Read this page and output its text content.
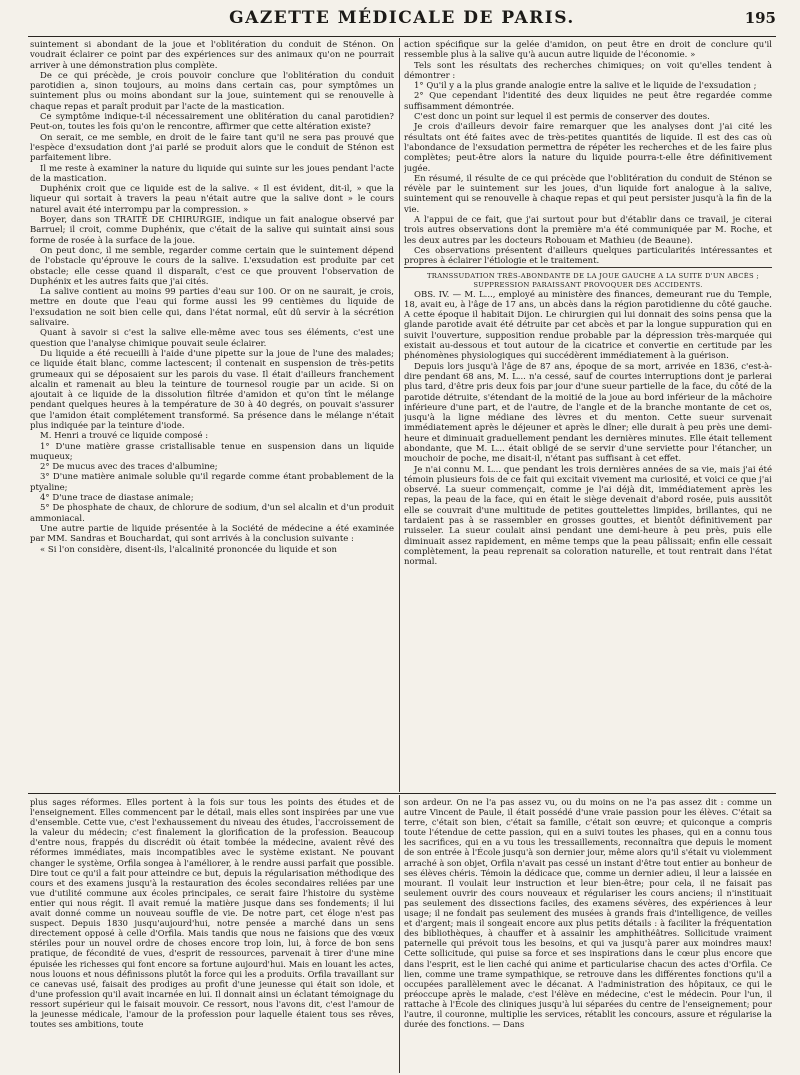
GAZETTE MÉDICALE DE PARIS.	195

suintement si abondant de la joue et l'oblitération du conduit de Sténon. On voudrait éclairer ce point par des expériences sur des animaux qu'on ne pourrait arriver à une démonstration plus complète.

De ce qui précède, je crois pouvoir conclure que l'oblitération du conduit parotidien a, sinon toujours, au moins dans certain cas, pour symptômes un suintement plus ou moins abondant sur la joue, suintement qui se renouvelle à chaque repas et paraît produit par l'acte de la mastication.

Ce symptôme indique-t-il nécessairement une oblitération du canal parotidien? Peut-on, toutes les fois qu'on le rencontre, affirmer que cette altération existe?

On serait, ce me semble, en droit de le faire tant qu'il ne sera pas prouvé que l'espèce d'exsudation dont j'ai parlé se produit alors que le conduit de Sténon est parfaitement libre.

Il me reste à examiner la nature du liquide qui suinte sur les joues pendant l'acte de la mastication.

Duphénix croit que ce liquide est de la salive. « Il est évident, dit-il, » que la liqueur qui sortait à travers la peau n'était autre que la salive dont » le cours naturel avait été interrompu par la compression. »

Boyer, dans son TRAITÉ DE CHIRURGIE, indique un fait analogue observé par Barruel; il croit, comme Duphénix, que c'était de la salive qui suintait ainsi sous forme de rosée à la surface de la joue.

On peut donc, il me semble, regarder comme certain que le suintement dépend de l'obstacle qu'éprouve le cours de la salive. L'exsudation est produite par cet obstacle; elle cesse quand il disparaît, c'est ce que prouvent l'observation de Duphénix et les autres faits que j'ai cités.

La salive contient au moins 99 parties d'eau sur 100. Or on ne saurait, je crois, mettre en doute que l'eau qui forme aussi les 99 centièmes du liquide de l'exsudation ne soit bien celle qui, dans l'état normal, eût dû servir à la sécrétion salivaire.

Quant à savoir si c'est la salive elle-même avec tous ses éléments, c'est une question que l'analyse chimique pouvait seule éclairer.

Du liquide a été recueilli à l'aide d'une pipette sur la joue de l'une des malades; ce liquide était blanc, comme lactescent; il contenait en suspension de très-petits grumeaux qui se déposaient sur les parois du vase. Il était d'ailleurs franchement alcalin et ramenait au bleu la teinture de tournesol rougie par un acide. Si on ajoutait à ce liquide de la dissolution filtrée d'amidon et qu'on tînt le mélange pendant quelques heures à la température de 30 à 40 degrés, on pouvait s'assurer que l'amidon était complétement transformé. Sa présence dans le mélange n'était plus indiquée par la teinture d'iode.

M. Henri a trouvé ce liquide composé :

1° D'une matière grasse cristallisable tenue en suspension dans un liquide muqueux;

2° De mucus avec des traces d'albumine;

3° D'une matière animale soluble qu'il regarde comme étant probablement de la ptyaline;

4° D'une trace de diastase animale;

5° De phosphate de chaux, de chlorure de sodium, d'un sel alcalin et d'un produit ammoniacal.

Une autre partie de liquide présentée à la Société de médecine a été examinée par MM. Sandras et Bouchardat, qui sont arrivés à la conclusion suivante :

« Si l'on considère, disent-ils, l'alcalinité prononcée du liquide et son

action spécifique sur la gelée d'amidon, on peut être en droit de conclure qu'il ressemble plus à la salive qu'à aucun autre liquide de l'économie. »

Tels sont les résultats des recherches chimiques; on voit qu'elles tendent à démontrer :

1° Qu'il y a la plus grande analogie entre la salive et le liquide de l'exsudation ;

2° Que cependant l'identité des deux liquides ne peut être regardée comme suffisamment démontrée.

C'est donc un point sur lequel il est permis de conserver des doutes.

Je crois d'ailleurs devoir faire remarquer que les analyses dont j'ai cité les résultats ont été faites avec de très-petites quantités de liquide. Il est des cas où l'abondance de l'exsudation permettra de répéter les recherches et de les faire plus complètes; peut-être alors la nature du liquide pourra-t-elle être définitivement jugée.

En résumé, il résulte de ce qui précède que l'oblitération du conduit de Sténon se révèle par le suintement sur les joues, d'un liquide fort analogue à la salive, suintement qui se renouvelle à chaque repas et qui peut persister jusqu'à la fin de la vie.

A l'appui de ce fait, que j'ai surtout pour but d'établir dans ce travail, je citerai trois autres observations dont la première m'a été communiquée par M. Roche, et les deux autres par les docteurs Robouam et Mathieu (de Beaune).

Ces observations présentent d'ailleurs quelques particularités intéressantes et propres à éclairer l'étiologie et le traitement.

TRANSSUDATION TRÈS-ABONDANTE DE LA JOUE GAUCHE A LA SUITE D'UN ABCÈS ; SUPPRESSION PARAISSANT PROVOQUER DES ACCIDENTS.

OBS. IV. — M. L..., employé au ministère des finances, demeurant rue du Temple, 18, avait eu, à l'âge de 17 ans, un abcès dans la région parotidienne du côté gauche. A cette époque il habitait Dijon. Le chirurgien qui lui donnait des soins pensa que la glande parotide avait été détruite par cet abcès et par la longue suppuration qui en suivit l'ouverture, supposition rendue probable par la dépression très-marquée qui existait au-dessous et tout autour de la cicatrice et convertie en certitude par les phénomènes physiologiques qui succédèrent immédiatement à la guérison.

Depuis lors jusqu'à l'âge de 87 ans, époque de sa mort, arrivée en 1836, c'est-à-dire pendant 68 ans, M. L... n'a cessé, sauf de courtes interruptions dont je parlerai plus tard, d'être pris deux fois par jour d'une sueur partielle de la face, du côté de la parotide détruite, s'étendant de la moitié de la joue au bord inférieur de la mâchoire inférieure d'une part, et de l'autre, de l'angle et de la branche montante de cet os, jusqu'à la ligne médiane des lèvres et du menton. Cette sueur survenait immédiatement après le déjeuner et après le dîner; elle durait à peu près une demi-heure et diminuait graduellement pendant les dernières minutes. Elle était tellement abondante, que M. L... était obligé de se servir d'une serviette pour l'étancher, un mouchoir de poche, me disait-il, n'étant pas suffisant à cet effet.

Je n'ai connu M. L... que pendant les trois dernières années de sa vie, mais j'ai été témoin plusieurs fois de ce fait qui excitait vivement ma curiosité, et voici ce que j'ai observé. La sueur commençait, comme je l'ai déjà dit, immédiatement après les repas, la peau de la face, qui en était le siège devenait d'abord rosée, puis aussitôt elle se couvrait d'une multitude de petites gouttelettes limpides, brillantes, qui ne tardaient pas à se rassembler en grosses gouttes, et bientôt définitivement par ruisseler. La sueur coulait ainsi pendant une demi-heure à peu près, puis elle diminuait assez rapidement, en même temps que la peau pâlissait; enfin elle cessait complètement, la peau reprenait sa coloration naturelle, et tout rentrait dans l'état normal.

plus sages réformes. Elles portent à la fois sur tous les points des études et de l'enseignement. Elles commencent par le détail, mais elles sont inspirées par une vue d'ensemble. Cette vue, c'est l'exhaussement du niveau des études, l'accroissement de la valeur du médecin; c'est finalement la glorification de la profession. Beaucoup d'entre nous, frappés du discrédit où était tombée la médecine, avaient rêvé des réformes immédiates, mais incompatibles avec le système existant. Ne pouvant changer le système, Orfila songea à l'améliorer, à le rendre aussi parfait que possible. Dire tout ce qu'il a fait pour atteindre ce but, depuis la régularisation méthodique des cours et des examens jusqu'à la restauration des écoles secondaires reliées par une vue d'utilité commune aux écoles principales, ce serait faire l'histoire du système entier qui nous régit. Il avait remué la matière jusque dans ses fondements; il lui avait donné comme un nouveau souffle de vie. De notre part, cet éloge n'est pas suspect. Depuis 1830 jusqu'aujourd'hui, notre pensée a marché dans un sens directement opposé à celle d'Orfila. Mais tandis que nous ne faisions que des vœux stériles pour un nouvel ordre de choses encore trop loin, lui, à force de bon sens pratique, de fécondité de vues, d'esprit de ressources, parvenait à tirer d'une mine épuisée les richesses qui font encore sa fortune aujourd'hui. Mais en louant les actes, nous louons et nous définissons plutôt la force qui les a produits. Orfila travaillant sur ce canevas usé, faisait des prodiges au profit d'une jeunesse qui était son idole, et d'une profession qu'il avait incarnée en lui. Il donnait ainsi un éclatant témoignage du ressort supérieur qui le faisait mouvoir. Ce ressort, nous l'avons dit, c'est l'amour de la jeunesse médicale, l'amour de la profession pour laquelle étaient tous ses rêves, toutes ses ambitions, toute

son ardeur. On ne l'a pas assez vu, ou du moins on ne l'a pas assez dit : comme un autre Vincent de Paule, il était possédé d'une vraie passion pour les élèves. C'était sa terre, c'était son bien, c'était sa famille, c'était son œuvre; et quiconque a compris toute l'étendue de cette passion, qui en a suivi toutes les phases, qui en a connu tous les sacrifices, qui en a vu tous les tressaillements, reconnaîtra que depuis le moment de son entrée à l'École jusqu'à son dernier jour, même alors qu'il s'était vu violemment arraché à son objet, Orfila n'avait pas cessé un instant d'être tout entier au bonheur de ses élèves chéris. Témoin la dédicace que, comme un dernier adieu, il leur a laissée en mourant. Il voulait leur instruction et leur bien-être; pour cela, il ne faisait pas seulement ouvrir des cours nouveaux et régulariser les cours anciens; il n'instituait pas seulement des dissections faciles, des examens sévères, des expériences à leur usage; il ne fondait pas seulement des musées à grands frais d'intelligence, de veilles et d'argent; mais il songeait encore aux plus petits détails : à faciliter la fréquentation des bibliothèques, à chauffer et à assainir les amphithéâtres. Sollicitude vraiment paternelle qui prévoit tous les besoins, et qui va jusqu'à parer aux moindres maux! Cette sollicitude, qui puise sa force et ses inspirations dans le cœur plus encore que dans l'esprit, est le lien caché qui anime et particularise chacun des actes d'Orfila. Ce lien, comme une trame sympathique, se retrouve dans les différentes fonctions qu'il a occupées parallèlement avec le décanat. A l'administration des hôpitaux, ce qui le préoccupe après le malade, c'est l'élève en médecine, c'est le médecin. Pour l'un, il rattache à l'École des cliniques jusqu'à lui séparées du centre de l'enseignement; pour l'autre, il couronne, multiplie les services, rétablit les concours, assure et régularise la durée des fonctions. — Dans
